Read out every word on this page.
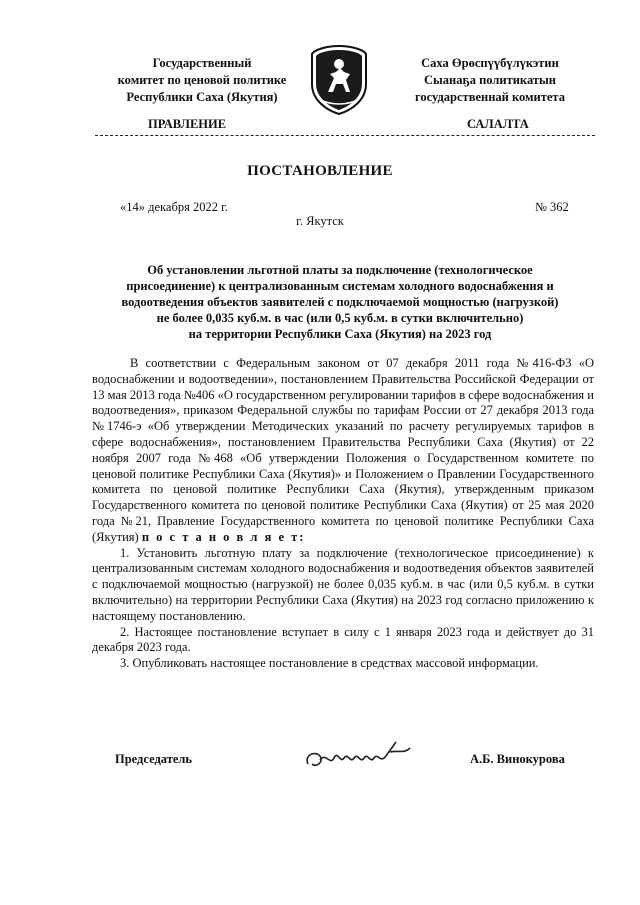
Государственный
комитет по ценовой политике
Республики Саха (Якутия)
Саха Өрөспүүбүлүкэтин
Сыанаҕа политикатын
государственнай комитета
ПРАВЛЕНИЕ	САЛАЛТА
ПОСТАНОВЛЕНИЕ
«14» декабря 2022 г.	№ 362
г. Якутск
Об установлении льготной платы за подключение (технологическое
присоединение) к централизованным системам холодного водоснабжения и
водоотведения объектов заявителей с подключаемой мощностью (нагрузкой)
не более 0,035 куб.м. в час (или 0,5 куб.м. в сутки включительно)
на территории Республики Саха (Якутия) на 2023 год

В соответствии с Федеральным законом от 07 декабря 2011 года №416-ФЗ «О водоснабжении и водоотведении», постановлением Правительства Российской Федерации от 13 мая 2013 года №406 «О государственном регулировании тарифов в сфере водоснабжения и водоотведения», приказом Федеральной службы по тарифам России от 27 декабря 2013 года №1746-э «Об утверждении Методических указаний по расчету регулируемых тарифов в сфере водоснабжения», постановлением Правительства Республики Саха (Якутия) от 22 ноября 2007 года №468 «Об утверждении Положения о Государственном комитете по ценовой политике Республики Саха (Якутия)» и Положением о Правлении Государственного комитета по ценовой политике Республики Саха (Якутия), утвержденным приказом Государственного комитета по ценовой политике Республики Саха (Якутия) от 25 мая 2020 года №21, Правление Государственного комитета по ценовой политике Республики Саха (Якутия) п о с т а н о в л я е т:

1. Установить льготную плату за подключение (технологическое присоединение) к централизованным системам холодного водоснабжения и водоотведения объектов заявителей с подключаемой мощностью (нагрузкой) не более 0,035 куб.м. в час (или 0,5 куб.м. в сутки включительно) на территории Республики Саха (Якутия) на 2023 год согласно приложению к настоящему постановлению.

2. Настоящее постановление вступает в силу с 1 января 2023 года и действует до 31 декабря 2023 года.

3. Опубликовать настоящее постановление в средствах массовой информации.

Председатель	А.Б. Винокурова
